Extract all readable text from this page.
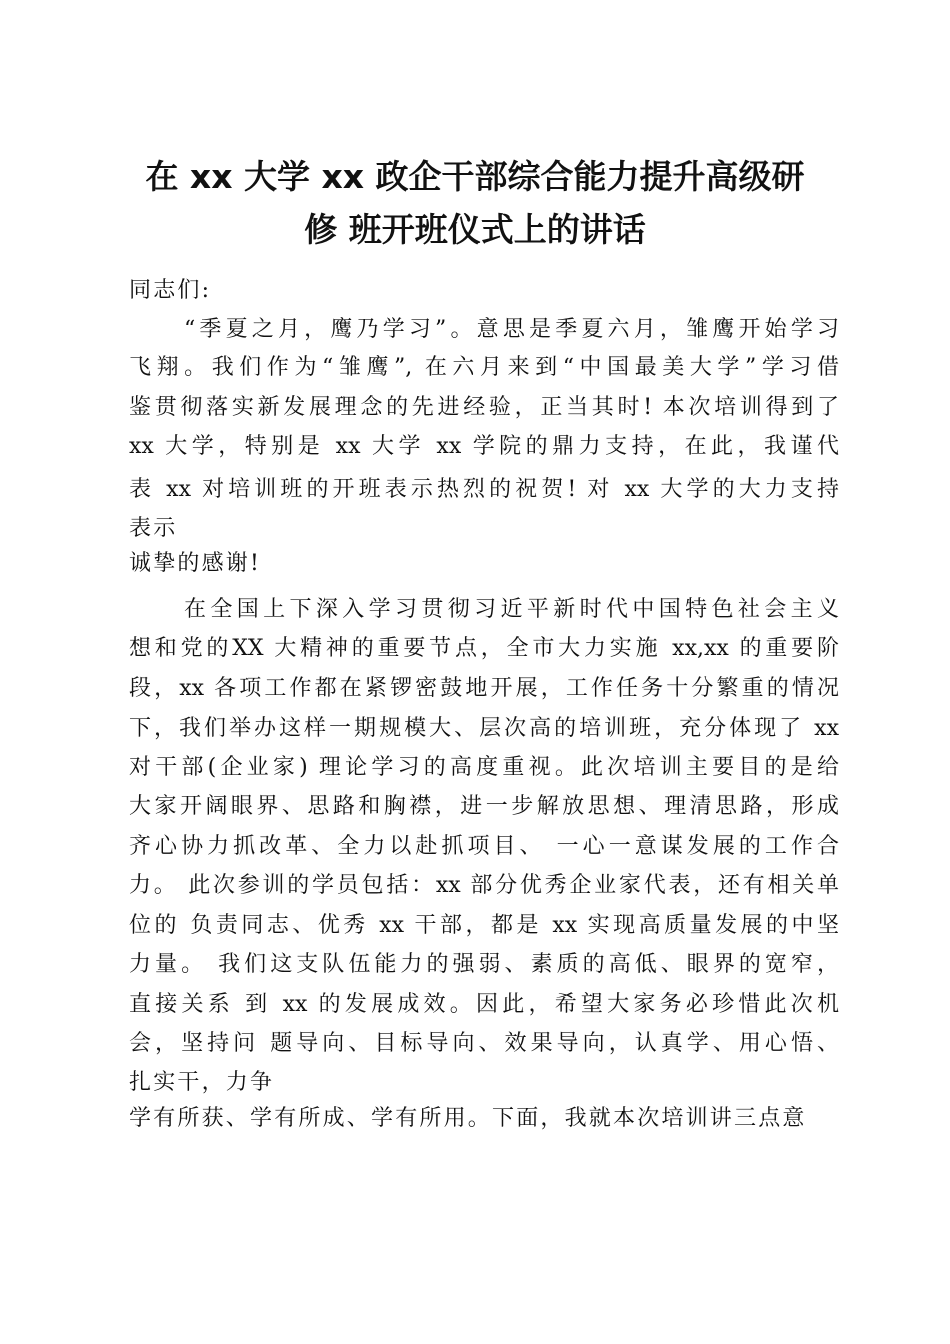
在 xx 大学 xx 政企干部综合能力提升高级研
修 班开班仪式上的讲话
同志们:
“季夏之月，鹰乃学习”。意思是季夏六月，雏鹰开始学习
飞翔。我们作为“雏鹰”, 在六月来到“中国最美大学”学习借
鉴贯彻落实新发展理念的先进经验，正当其时! 本次培训得到了
xx 大学，特别是 xx 大学 xx 学院的鼎力支持，在此，我谨代
表 xx 对培训班的开班表示热烈的祝贺! 对 xx 大学的大力支持
表示
诚挚的感谢!
在全国上下深入学习贯彻习近平新时代中国特色社会主义
想和党的XX 大精神的重要节点，全市大力实施 xx,xx 的重要阶
段，xx 各项工作都在紧锣密鼓地开展，工作任务十分繁重的情况
下，我们举办这样一期规模大、层次高的培训班，充分体现了 xx
对干部(企业家) 理论学习的高度重视。此次培训主要目的是给
大家开阔眼界、思路和胸襟，进一步解放思想、理清思路，形成
齐心协力抓改革、全力以赴抓项目、 一心一意谋发展的工作合
力。 此次参训的学员包括：xx 部分优秀企业家代表，还有相关单
位的 负责同志、优秀 xx 干部，都是 xx 实现高质量发展的中坚
力量。 我们这支队伍能力的强弱、素质的高低、眼界的宽窄，
直接关系 到 xx 的发展成效。因此，希望大家务必珍惜此次机
会，坚持问 题导向、目标导向、效果导向，认真学、用心悟、
扎实干，力争
学有所获、学有所成、学有所用。下面，我就本次培训讲三点意
